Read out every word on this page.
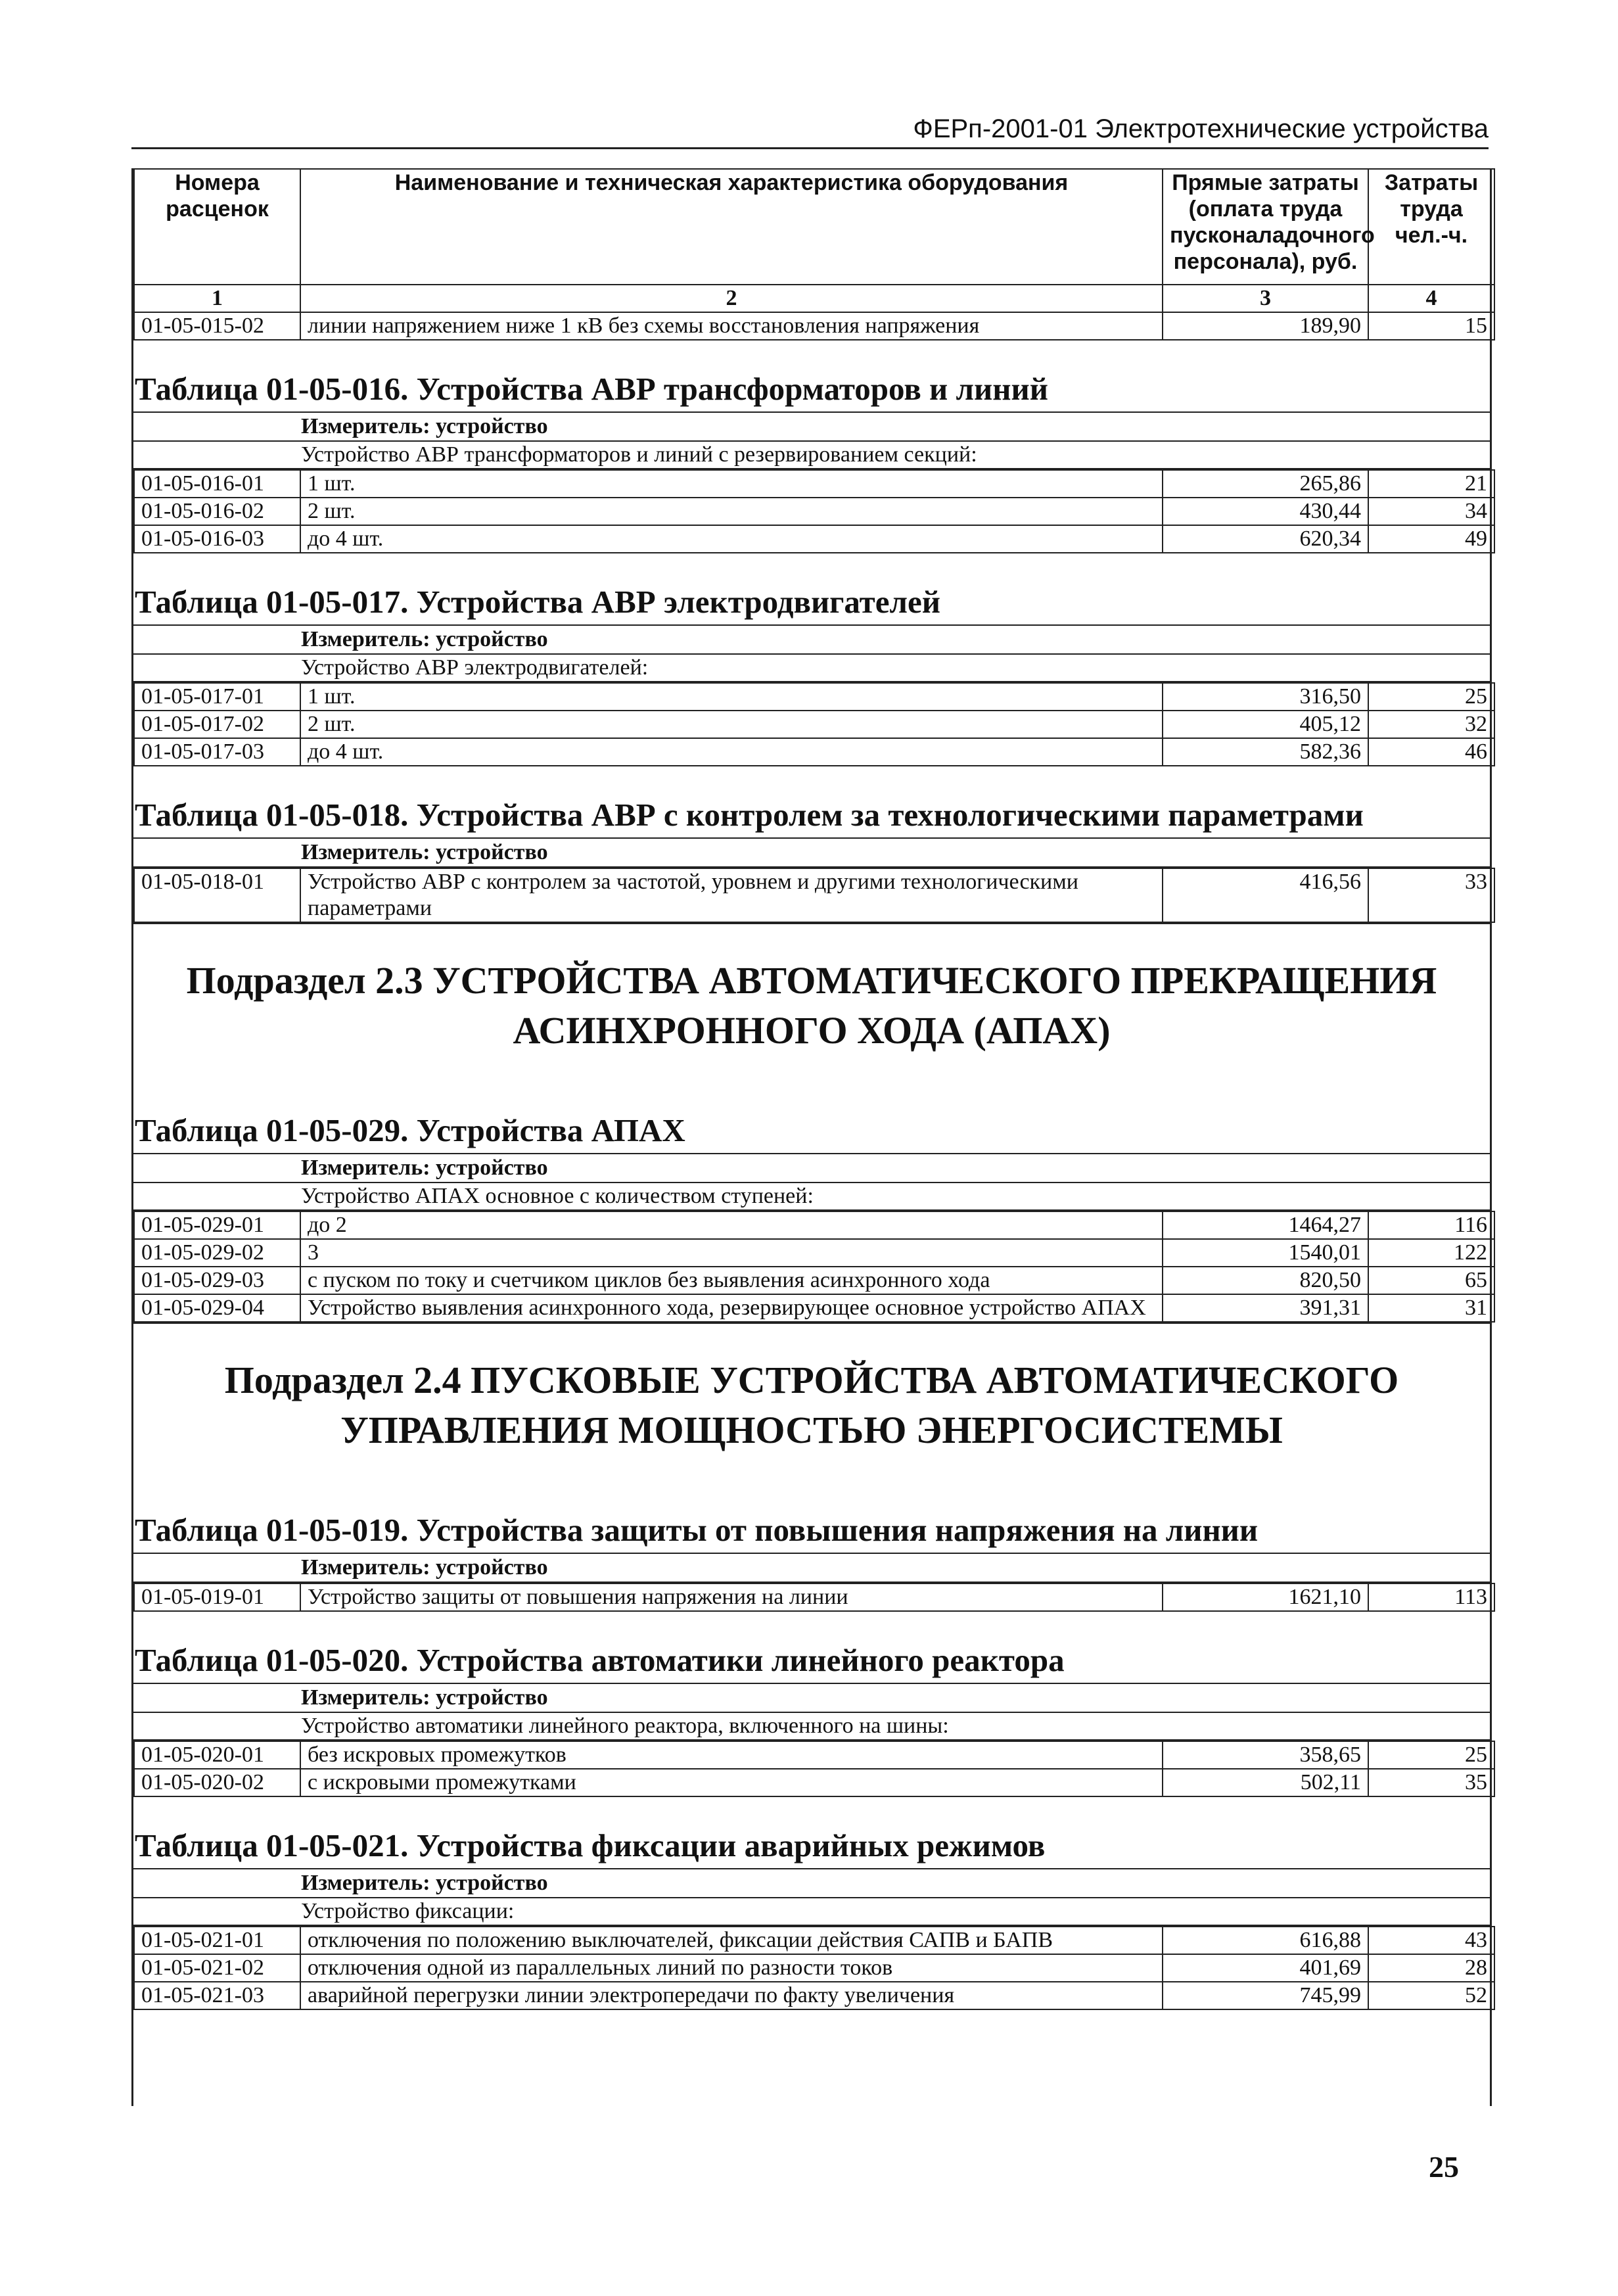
ФЕРп-2001-01 Электротехнические устройства
Номера расценок	Наименование и техническая характеристика оборудования	Прямые затраты (оплата труда пусконаладочного персонала), руб.	Затраты труда чел.-ч.
1	2	3	4
01-05-015-02	линии напряжением ниже 1 кВ без схемы восстановления напряжения	189,90	15
Таблица 01-05-016. Устройства АВР трансформаторов и линий
Измеритель: устройство
Устройство АВР трансформаторов и линий с резервированием секций:
01-05-016-01	1 шт.	265,86	21
01-05-016-02	2 шт.	430,44	34
01-05-016-03	до 4 шт.	620,34	49
Таблица 01-05-017. Устройства АВР электродвигателей
Измеритель: устройство
Устройство АВР электродвигателей:
01-05-017-01	1 шт.	316,50	25
01-05-017-02	2 шт.	405,12	32
01-05-017-03	до 4 шт.	582,36	46
Таблица 01-05-018. Устройства АВР с контролем за технологическими параметрами
Измеритель: устройство
01-05-018-01	Устройство АВР с контролем за частотой, уровнем и другими технологическими параметрами	416,56	33
Подраздел 2.3 УСТРОЙСТВА АВТОМАТИЧЕСКОГО ПРЕКРАЩЕНИЯ АСИНХРОННОГО ХОДА (АПАХ)
Таблица 01-05-029. Устройства АПАХ
Измеритель: устройство
Устройство АПАХ основное с количеством ступеней:
01-05-029-01	до 2	1464,27	116
01-05-029-02	3	1540,01	122
01-05-029-03	с пуском по току и счетчиком циклов без выявления асинхронного хода	820,50	65
01-05-029-04	Устройство выявления асинхронного хода, резервирующее основное устройство АПАХ	391,31	31
Подраздел 2.4 ПУСКОВЫЕ УСТРОЙСТВА АВТОМАТИЧЕСКОГО УПРАВЛЕНИЯ МОЩНОСТЬЮ ЭНЕРГОСИСТЕМЫ
Таблица 01-05-019. Устройства защиты от повышения напряжения на линии
Измеритель: устройство
01-05-019-01	Устройство защиты от повышения напряжения на линии	1621,10	113
Таблица 01-05-020. Устройства автоматики линейного реактора
Измеритель: устройство
Устройство автоматики линейного реактора, включенного на шины:
01-05-020-01	без искровых промежутков	358,65	25
01-05-020-02	с искровыми промежутками	502,11	35
Таблица 01-05-021. Устройства фиксации аварийных режимов
Измеритель: устройство
Устройство фиксации:
01-05-021-01	отключения по положению выключателей, фиксации действия САПВ и БАПВ	616,88	43
01-05-021-02	отключения одной из параллельных линий по разности токов	401,69	28
01-05-021-03	аварийной перегрузки линии электропередачи по факту увеличения	745,99	52
25
